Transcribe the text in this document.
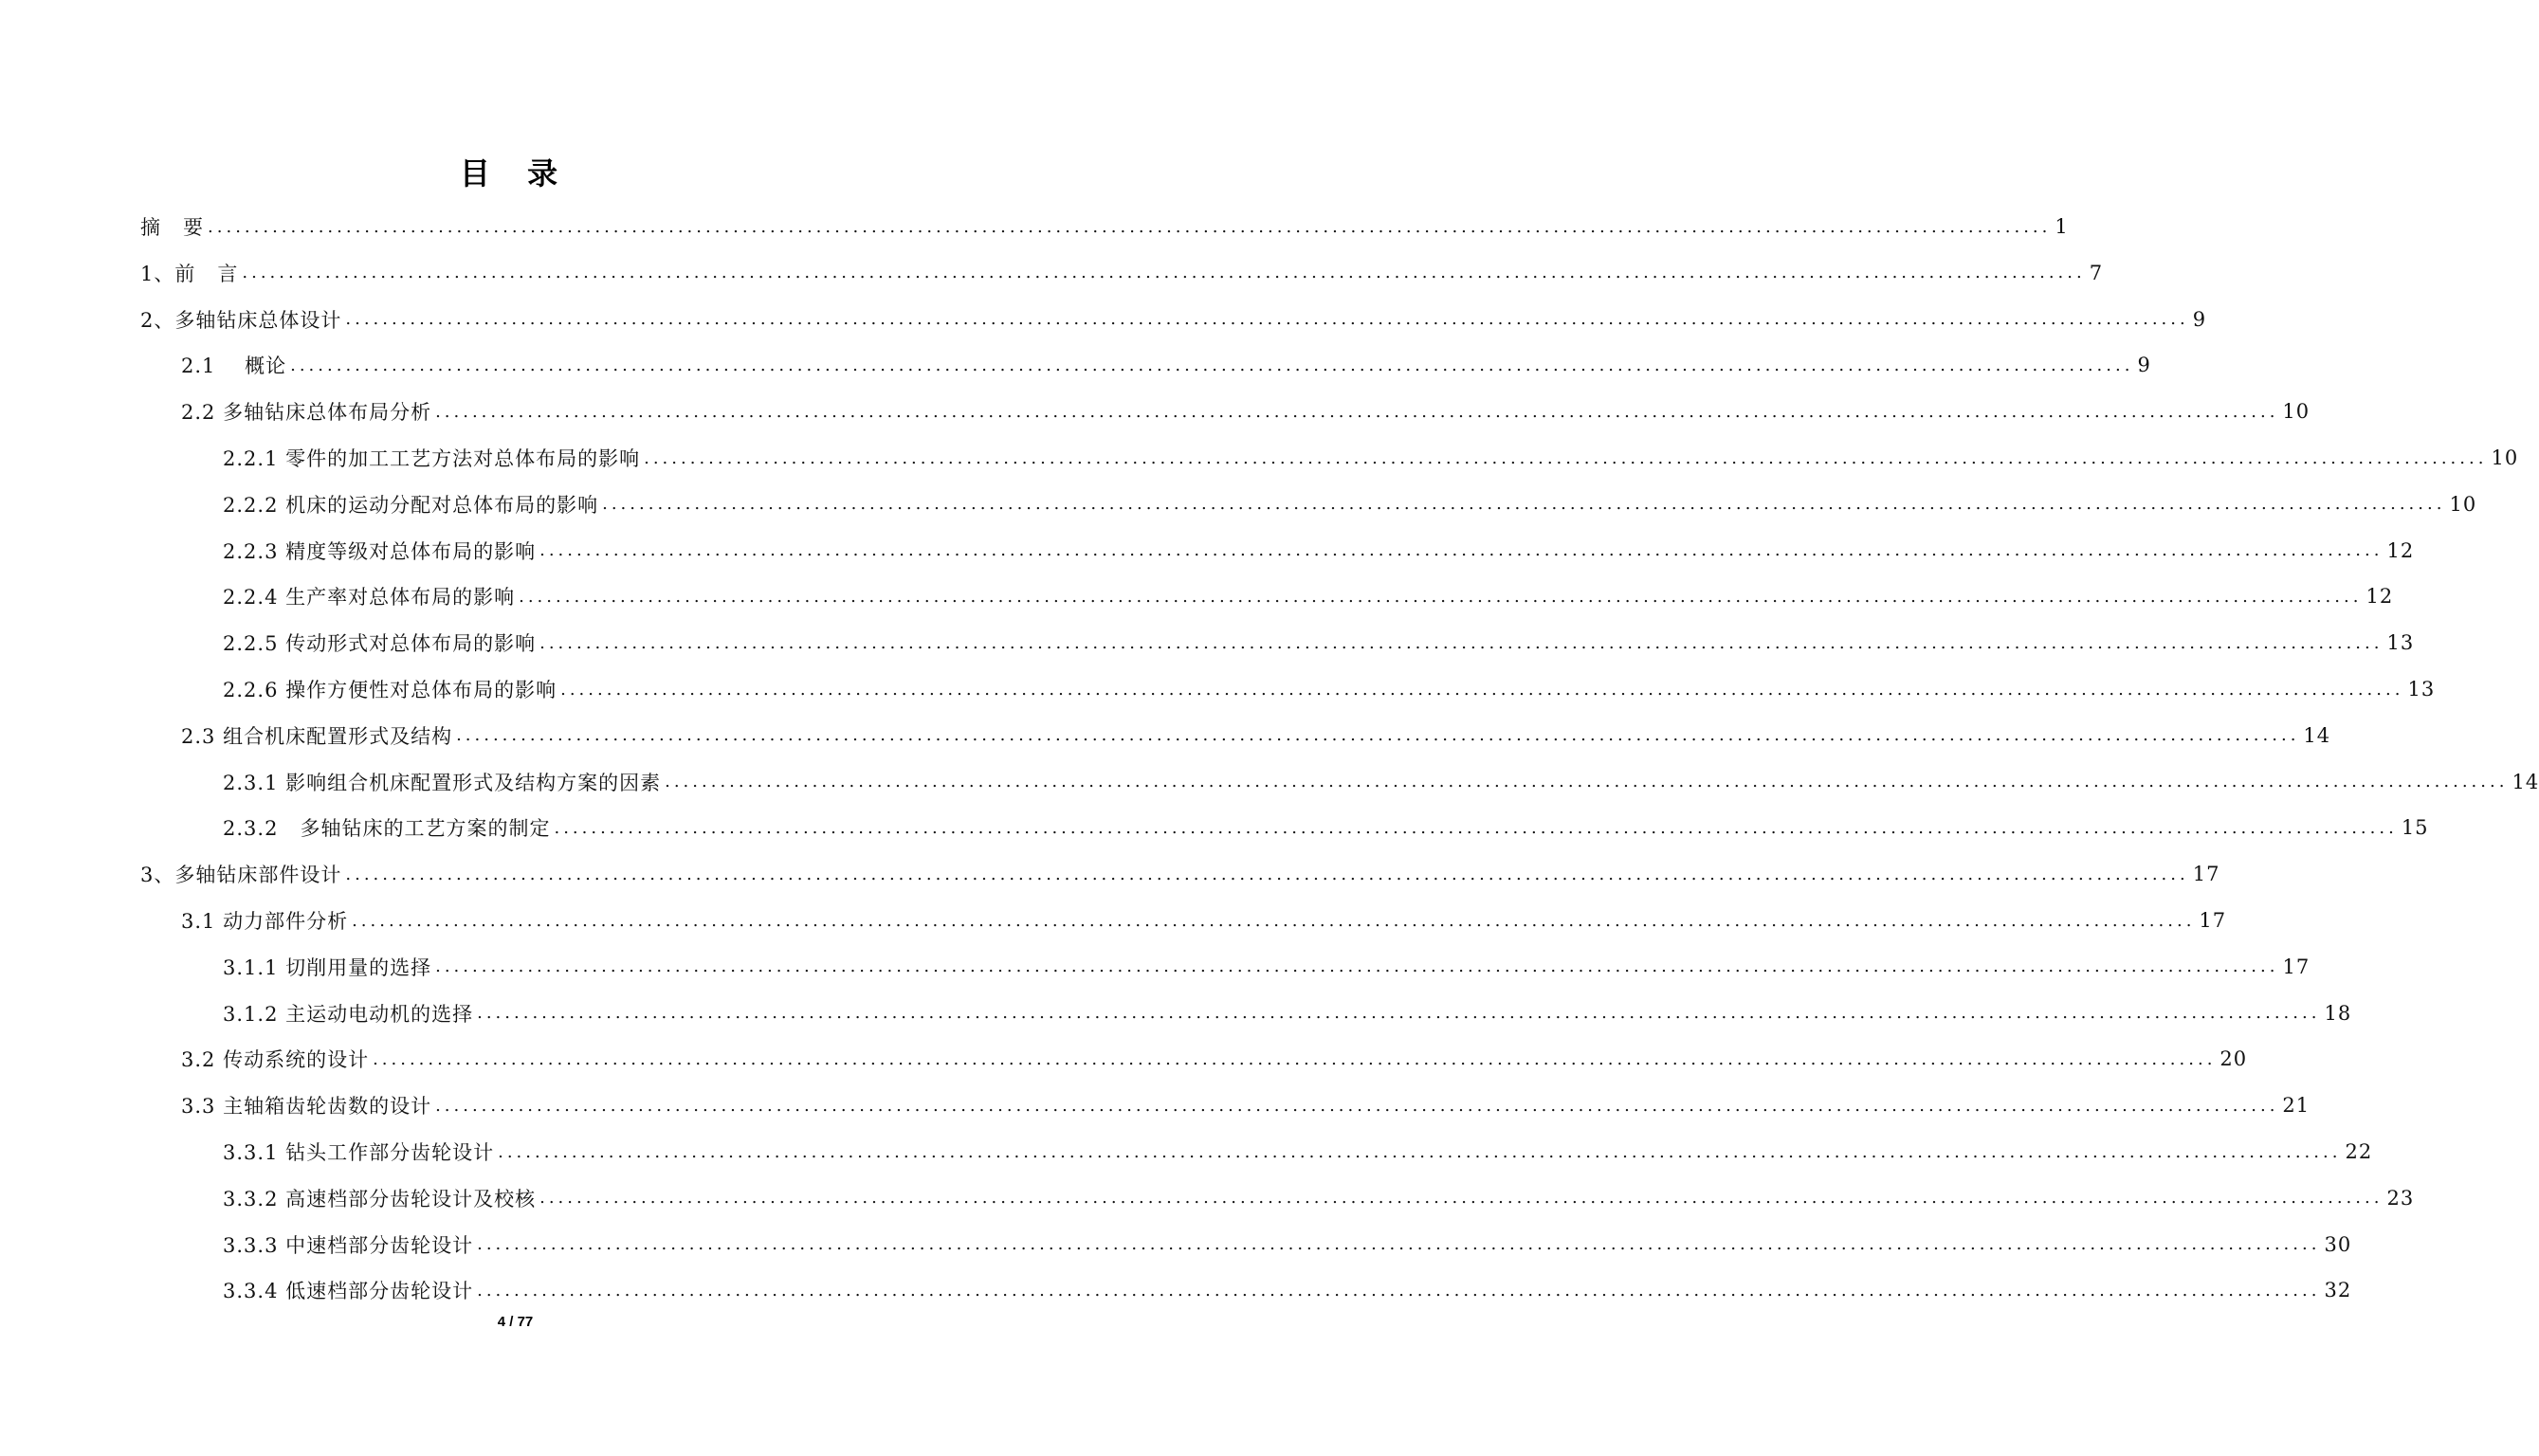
目 录
摘   要 ........................................................................................................................................................................................................ 1
1、前   言 ........................................................................................................................................................................................................ 7
2、多轴钻床总体设计 ........................................................................................................................................................................................................ 9
2.1    概论 ........................................................................................................................................................................................................ 9
2.2 多轴钻床总体布局分析 ........................................................................................................................................................................................................ 10
2.2.1 零件的加工工艺方法对总体布局的影响 ........................................................................................................................................................................................................ 10
2.2.2 机床的运动分配对总体布局的影响 ........................................................................................................................................................................................................ 10
2.2.3 精度等级对总体布局的影响 ........................................................................................................................................................................................................ 12
2.2.4 生产率对总体布局的影响 ........................................................................................................................................................................................................ 12
2.2.5 传动形式对总体布局的影响 ........................................................................................................................................................................................................ 13
2.2.6 操作方便性对总体布局的影响 ........................................................................................................................................................................................................ 13
2.3 组合机床配置形式及结构 ........................................................................................................................................................................................................ 14
2.3.1 影响组合机床配置形式及结构方案的因素 ........................................................................................................................................................................................................ 14
2.3.2   多轴钻床的工艺方案的制定 ........................................................................................................................................................................................................ 15
3、多轴钻床部件设计 ........................................................................................................................................................................................................ 17
3.1 动力部件分析 ........................................................................................................................................................................................................ 17
3.1.1 切削用量的选择 ........................................................................................................................................................................................................ 17
3.1.2 主运动电动机的选择 ........................................................................................................................................................................................................ 18
3.2 传动系统的设计 ........................................................................................................................................................................................................ 20
3.3 主轴箱齿轮齿数的设计 ........................................................................................................................................................................................................ 21
3.3.1 钻头工作部分齿轮设计 ........................................................................................................................................................................................................ 22
3.3.2 高速档部分齿轮设计及校核 ........................................................................................................................................................................................................ 23
3.3.3 中速档部分齿轮设计 ........................................................................................................................................................................................................ 30
3.3.4 低速档部分齿轮设计 ........................................................................................................................................................................................................ 32
4 / 77
